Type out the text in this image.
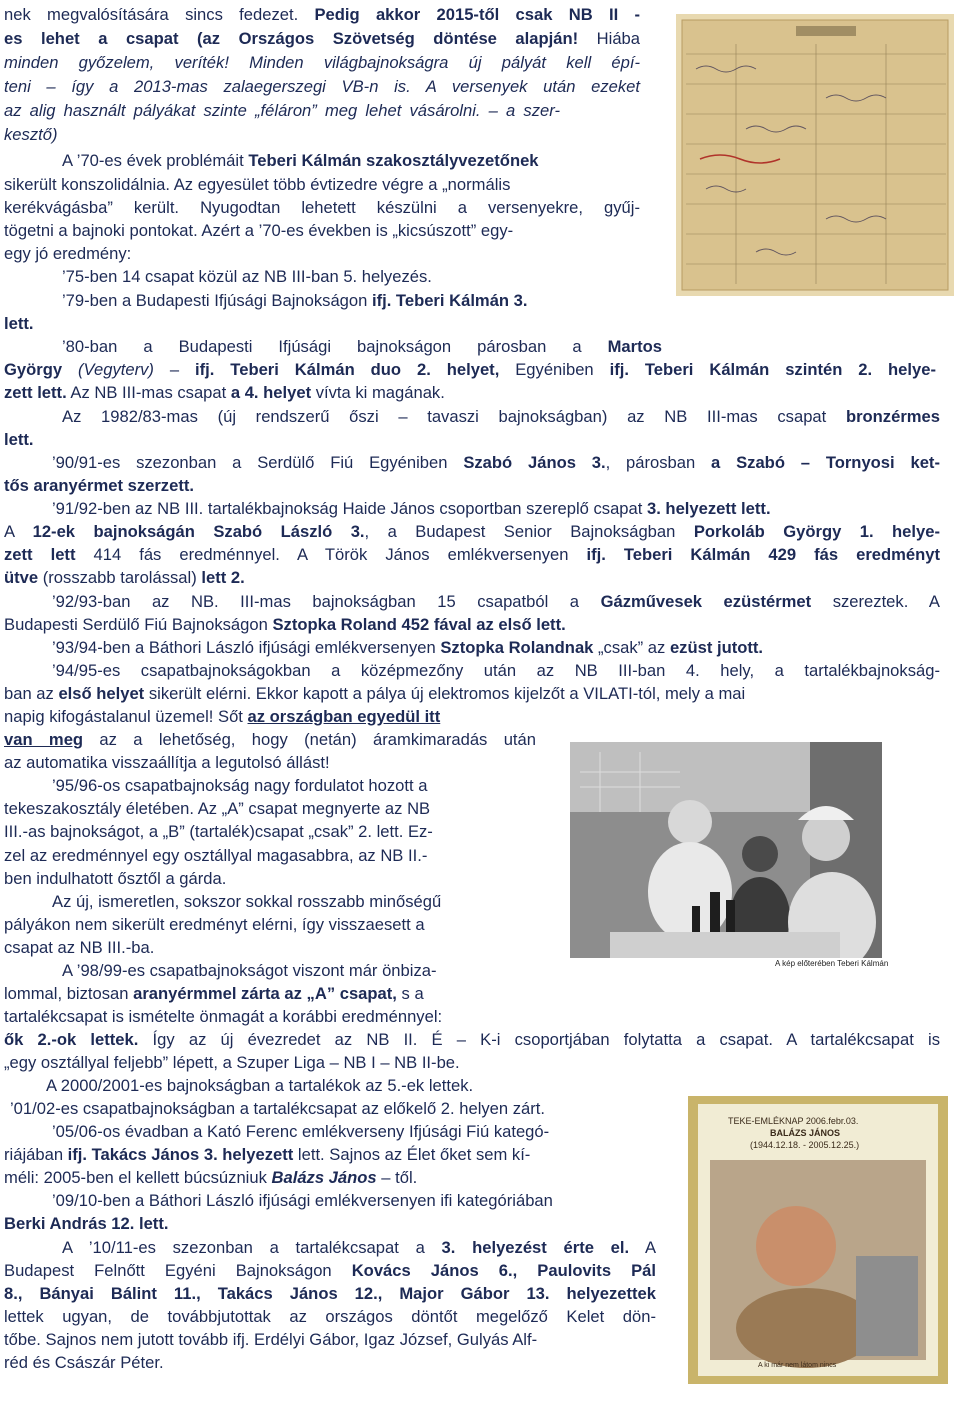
nek megvalósítására sincs fedezet. Pedig akkor 2015-től csak NB II -
es lehet a csapat (az Országos Szövetség döntése alapján! Hiába
minden győzelem, veríték! Minden világbajnokságra új pályát kell épí-
teni – így a 2013-mas zalaegerszegi VB-n is. A versenyek után ezeket
az alig használt pályákat szinte „féláron” meg lehet vásárolni. – a szer-
kesztő)
A ’70-es évek problémáit Teberi Kálmán szakosztályvezetőnek
sikerült konszolidálnia. Az egyesület több évtizedre végre a „normális
kerékvágásba” került. Nyugodtan lehetett készülni a versenyekre, gyűj-
tögetni a bajnoki pontokat. Azért a ’70-es években is „kicsúszott” egy-
egy jó eredmény:
’75-ben 14 csapat közül az NB III-ban 5. helyezés.
’79-ben a Budapesti Ifjúsági Bajnokságon ifj. Teberi Kálmán 3.
lett.
’80-ban a Budapesti Ifjúsági bajnokságon párosban a Martos
György (Vegyterv) – ifj. Teberi Kálmán duo 2. helyet, Egyéniben ifj. Teberi Kálmán szintén 2. helye-
zett lett. Az NB III-mas csapat a 4. helyet vívta ki magának.
Az 1982/83-mas (új rendszerű őszi – tavaszi bajnokságban) az NB III-mas csapat bronzérmes
lett.
’90/91-es szezonban a Serdülő Fiú Egyéniben Szabó János 3., párosban a Szabó – Tornyosi ket-
tős aranyérmet szerzett.
’91/92-ben az NB III. tartalékbajnokság Haide János csoportban szereplő csapat 3. helyezett lett.
A 12-ek bajnokságán Szabó László 3., a Budapest Senior Bajnokságban Porkoláb György 1. helye-
zett lett 414 fás eredménnyel. A Török János emlékversenyen ifj. Teberi Kálmán 429 fás eredményt
ütve (rosszabb tarolással) lett 2.
’92/93-ban az NB. III-mas bajnokságban 15 csapatból a Gázművesek ezüstérmet szereztek. A
Budapesti Serdülő Fiú Bajnokságon Sztopka Roland 452 fával az első lett.
’93/94-ben a Báthori László ifjúsági emlékversenyen Sztopka Rolandnak „csak” az ezüst jutott.
’94/95-es csapatbajnokságokban a középmezőny után az NB III-ban 4. hely, a tartalékbajnokság-
ban az első helyet sikerült elérni. Ekkor kapott a pálya új elektromos kijelzőt a VILATI-tól, mely a mai
napig kifogástalanul üzemel! Sőt az országban egyedül itt
van meg az a lehetőség, hogy (netán) áramkimaradás után
az automatika visszaállítja a legutolsó állást!
’95/96-os csapatbajnokság nagy fordulatot hozott a
tekeszakosztály életében. Az „A” csapat megnyerte az NB
III.-as bajnokságot, a „B” (tartalék)csapat „csak” 2. lett. Ez-
zel az eredménnyel egy osztállyal magasabbra, az NB II.-
ben indulhatott ősztől a gárda.
Az új, ismeretlen, sokszor sokkal rosszabb minőségű
pályákon nem sikerült eredményt elérni, így visszaesett a
csapat az NB III.-ba.
A ’98/99-es csapatbajnokságot viszont már önbiza-
lommal, biztosan aranyérmmel zárta az „A” csapat, s a
tartalékcsapat is ismételte önmagát a korábbi eredménnyel:
ők 2.-ok lettek. Így az új évezredet az NB II. É – K-i csoportjában folytatta a csapat. A tartalékcsapat is
„egy osztállyal feljebb” lépett, a Szuper Liga – NB I – NB II-be.
A 2000/2001-es bajnokságban a tartalékok az 5.-ek lettek.
’01/02-es csapatbajnokságban a tartalékcsapat az előkelő 2. helyen zárt.
’05/06-os évadban a Kató Ferenc emlékverseny Ifjúsági Fiú kategó-
riájában ifj. Takács János 3. helyezett lett. Sajnos az Élet őket sem kí-
méli: 2005-ben el kellett búcsúzniuk Balázs János – től.
’09/10-ben a Báthori László ifjúsági emlékversenyen ifi kategóriában
Berki András 12. lett.
A ’10/11-es szezonban a tartalékcsapat a 3. helyezést érte el. A
Budapest Felnőtt Egyéni Bajnokságon Kovács János 6., Paulovits Pál
8., Bányai Bálint 11., Takács János 12., Major Gábor 13. helyezettek
lettek ugyan, de továbbjutottak az országos döntőt megelőző Kelet dön-
tőbe. Sajnos nem jutott tovább ifj. Erdélyi Gábor, Igaz József, Gulyás Alf-
réd és Császár Péter.
A kép előterében Teberi Kálmán
TEKE-EMLÉKNAP 2006.febr.03.
BALÁZS JÁNOS
(1944.12.18. - 2005.12.25.)
A ki már nem látom nincs
